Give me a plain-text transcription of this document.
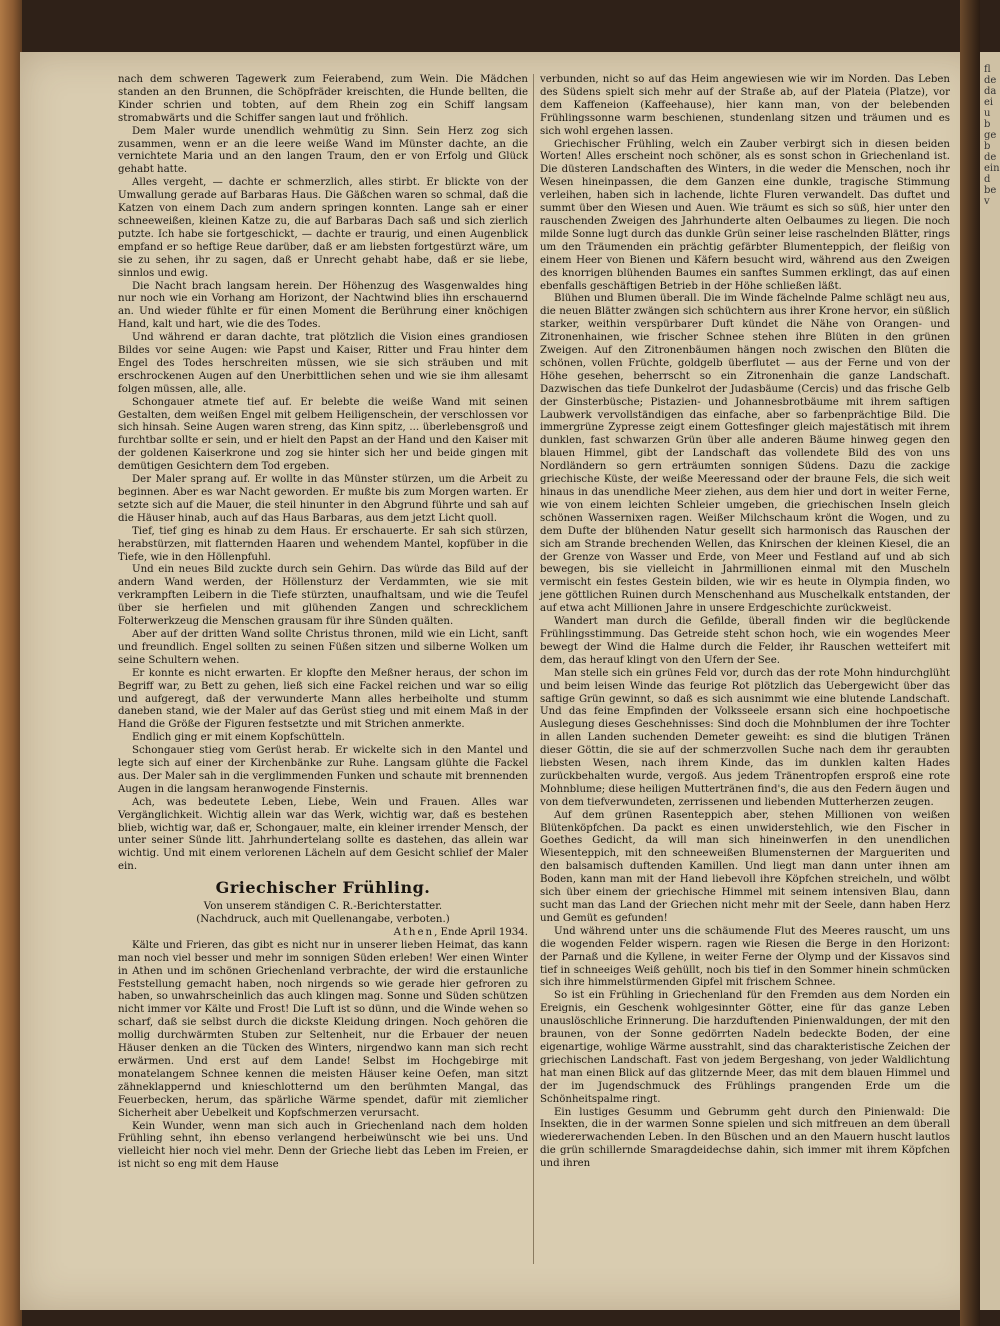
fl de da ei u b ge b de ein d be v

nach dem schweren Tagewerk zum Feierabend, zum Wein. Die Mädchen standen an den Brunnen, die Schöpfräder kreischten, die Hunde bellten, die Kinder schrien und tobten, auf dem Rhein zog ein Schiff langsam stromabwärts und die Schiffer sangen laut und fröhlich.

Dem Maler wurde unendlich wehmütig zu Sinn. Sein Herz zog sich zusammen, wenn er an die leere weiße Wand im Münster dachte, an die vernichtete Maria und an den langen Traum, den er von Erfolg und Glück gehabt hatte.

Alles vergeht, — dachte er schmerzlich, alles stirbt. Er blickte von der Umwallung gerade auf Barbaras Haus. Die Gäßchen waren so schmal, daß die Katzen von einem Dach zum andern springen konnten. Lange sah er einer schneeweißen, kleinen Katze zu, die auf Barbaras Dach saß und sich zierlich putzte. Ich habe sie fortgeschickt, — dachte er traurig, und einen Augenblick empfand er so heftige Reue darüber, daß er am liebsten fortgestürzt wäre, um sie zu sehen, ihr zu sagen, daß er Unrecht gehabt habe, daß er sie liebe, sinnlos und ewig.

Die Nacht brach langsam herein. Der Höhenzug des Wasgenwaldes hing nur noch wie ein Vorhang am Horizont, der Nachtwind blies ihn erschauernd an. Und wieder fühlte er für einen Moment die Berührung einer knöchigen Hand, kalt und hart, wie die des Todes.

Und während er daran dachte, trat plötzlich die Vision eines grandiosen Bildes vor seine Augen: wie Papst und Kaiser, Ritter und Frau hinter dem Engel des Todes herschreiten müssen, wie sie sich sträuben und mit erschrockenen Augen auf den Unerbittlichen sehen und wie sie ihm allesamt folgen müssen, alle, alle.

Schongauer atmete tief auf. Er belebte die weiße Wand mit seinen Gestalten, dem weißen Engel mit gelbem Heiligenschein, der verschlossen vor sich hinsah. Seine Augen waren streng, das Kinn spitz, ... überlebensgroß und furchtbar sollte er sein, und er hielt den Papst an der Hand und den Kaiser mit der goldenen Kaiserkrone und zog sie hinter sich her und beide gingen mit demütigen Gesichtern dem Tod ergeben.

Der Maler sprang auf. Er wollte in das Münster stürzen, um die Arbeit zu beginnen. Aber es war Nacht geworden. Er mußte bis zum Morgen warten. Er setzte sich auf die Mauer, die steil hinunter in den Abgrund führte und sah auf die Häuser hinab, auch auf das Haus Barbaras, aus dem jetzt Licht quoll.

Tief, tief ging es hinab zu dem Haus. Er erschauerte. Er sah sich stürzen, herabstürzen, mit flatternden Haaren und wehendem Mantel, kopfüber in die Tiefe, wie in den Höllenpfuhl.

Und ein neues Bild zuckte durch sein Gehirn. Das würde das Bild auf der andern Wand werden, der Höllensturz der Verdammten, wie sie mit verkrampften Leibern in die Tiefe stürzten, unaufhaltsam, und wie die Teufel über sie herfielen und mit glühenden Zangen und schrecklichem Folterwerkzeug die Menschen grausam für ihre Sünden quälten.

Aber auf der dritten Wand sollte Christus thronen, mild wie ein Licht, sanft und freundlich. Engel sollten zu seinen Füßen sitzen und silberne Wolken um seine Schultern wehen.

Er konnte es nicht erwarten. Er klopfte den Meßner heraus, der schon im Begriff war, zu Bett zu gehen, ließ sich eine Fackel reichen und war so eilig und aufgeregt, daß der verwunderte Mann alles herbeiholte und stumm daneben stand, wie der Maler auf das Gerüst stieg und mit einem Maß in der Hand die Größe der Figuren festsetzte und mit Strichen anmerkte.

Endlich ging er mit einem Kopfschütteln.

Schongauer stieg vom Gerüst herab. Er wickelte sich in den Mantel und legte sich auf einer der Kirchenbänke zur Ruhe. Langsam glühte die Fackel aus. Der Maler sah in die verglimmenden Funken und schaute mit brennenden Augen in die langsam heranwogende Finsternis.

Ach, was bedeutete Leben, Liebe, Wein und Frauen. Alles war Vergänglichkeit. Wichtig allein war das Werk, wichtig war, daß es bestehen blieb, wichtig war, daß er, Schongauer, malte, ein kleiner irrender Mensch, der unter seiner Sünde litt. Jahrhundertelang sollte es dastehen, das allein war wichtig. Und mit einem verlorenen Lächeln auf dem Gesicht schlief der Maler ein.

Griechischer Frühling.

Von unserem ständigen C. R.-Berichterstatter.

(Nachdruck, auch mit Quellenangabe, verboten.)

Athen, Ende April 1934.

Kälte und Frieren, das gibt es nicht nur in unserer lieben Heimat, das kann man noch viel besser und mehr im sonnigen Süden erleben! Wer einen Winter in Athen und im schönen Griechenland verbrachte, der wird die erstaunliche Feststellung gemacht haben, noch nirgends so wie gerade hier gefroren zu haben, so unwahrscheinlich das auch klingen mag. Sonne und Süden schützen nicht immer vor Kälte und Frost! Die Luft ist so dünn, und die Winde wehen so scharf, daß sie selbst durch die dickste Kleidung dringen. Noch gehören die mollig durchwärmten Stuben zur Seltenheit, nur die Erbauer der neuen Häuser denken an die Tücken des Winters, nirgendwo kann man sich recht erwärmen. Und erst auf dem Lande! Selbst im Hochgebirge mit monatelangem Schnee kennen die meisten Häuser keine Oefen, man sitzt zähneklappernd und knieschlotternd um den berühmten Mangal, das Feuerbecken, herum, das spärliche Wärme spendet, dafür mit ziemlicher Sicherheit aber Uebelkeit und Kopfschmerzen verursacht.

Kein Wunder, wenn man sich auch in Griechenland nach dem holden Frühling sehnt, ihn ebenso verlangend herbeiwünscht wie bei uns. Und vielleicht hier noch viel mehr. Denn der Grieche liebt das Leben im Freien, er ist nicht so eng mit dem Hause

verbunden, nicht so auf das Heim angewiesen wie wir im Norden. Das Leben des Südens spielt sich mehr auf der Straße ab, auf der Plateia (Platze), vor dem Kaffeneion (Kaffeehause), hier kann man, von der belebenden Frühlingssonne warm beschienen, stundenlang sitzen und träumen und es sich wohl ergehen lassen.

Griechischer Frühling, welch ein Zauber verbirgt sich in diesen beiden Worten! Alles erscheint noch schöner, als es sonst schon in Griechenland ist. Die düsteren Landschaften des Winters, in die weder die Menschen, noch ihr Wesen hineinpassen, die dem Ganzen eine dunkle, tragische Stimmung verleihen, haben sich in lachende, lichte Fluren verwandelt. Das duftet und summt über den Wiesen und Auen. Wie träumt es sich so süß, hier unter den rauschenden Zweigen des Jahrhunderte alten Oelbaumes zu liegen. Die noch milde Sonne lugt durch das dunkle Grün seiner leise raschelnden Blätter, rings um den Träumenden ein prächtig gefärbter Blumenteppich, der fleißig von einem Heer von Bienen und Käfern besucht wird, während aus den Zweigen des knorrigen blühenden Baumes ein sanftes Summen erklingt, das auf einen ebenfalls geschäftigen Betrieb in der Höhe schließen läßt.

Blühen und Blumen überall. Die im Winde fächelnde Palme schlägt neu aus, die neuen Blätter zwängen sich schüchtern aus ihrer Krone hervor, ein süßlich starker, weithin verspürbarer Duft kündet die Nähe von Orangen- und Zitronenhainen, wie frischer Schnee stehen ihre Blüten in den grünen Zweigen. Auf den Zitronenbäumen hängen noch zwischen den Blüten die schönen, vollen Früchte, goldgelb überflutet — aus der Ferne und von der Höhe gesehen, beherrscht so ein Zitronenhain die ganze Landschaft. Dazwischen das tiefe Dunkelrot der Judasbäume (Cercis) und das frische Gelb der Ginsterbüsche; Pistazien- und Johannesbrotbäume mit ihrem saftigen Laubwerk vervollständigen das einfache, aber so farbenprächtige Bild. Die immergrüne Zypresse zeigt einem Gottesfinger gleich majestätisch mit ihrem dunklen, fast schwarzen Grün über alle anderen Bäume hinweg gegen den blauen Himmel, gibt der Landschaft das vollendete Bild des von uns Nordländern so gern erträumten sonnigen Südens. Dazu die zackige griechische Küste, der weiße Meeressand oder der braune Fels, die sich weit hinaus in das unendliche Meer ziehen, aus dem hier und dort in weiter Ferne, wie von einem leichten Schleier umgeben, die griechischen Inseln gleich schönen Wassernixen ragen. Weißer Milchschaum krönt die Wogen, und zu dem Dufte der blühenden Natur gesellt sich harmonisch das Rauschen der sich am Strande brechenden Wellen, das Knirschen der kleinen Kiesel, die an der Grenze von Wasser und Erde, von Meer und Festland auf und ab sich bewegen, bis sie vielleicht in Jahrmillionen einmal mit den Muscheln vermischt ein festes Gestein bilden, wie wir es heute in Olympia finden, wo jene göttlichen Ruinen durch Menschenhand aus Muschelkalk entstanden, der auf etwa acht Millionen Jahre in unsere Erdgeschichte zurückweist.

Wandert man durch die Gefilde, überall finden wir die beglückende Frühlingsstimmung. Das Getreide steht schon hoch, wie ein wogendes Meer bewegt der Wind die Halme durch die Felder, ihr Rauschen wetteifert mit dem, das herauf klingt von den Ufern der See.

Man stelle sich ein grünes Feld vor, durch das der rote Mohn hindurchglüht und beim leisen Winde das feurige Rot plötzlich das Uebergewicht über das saftige Grün gewinnt, so daß es sich ausnimmt wie eine blutende Landschaft. Und das feine Empfinden der Volksseele ersann sich eine hochpoetische Auslegung dieses Geschehnisses: Sind doch die Mohnblumen der ihre Tochter in allen Landen suchenden Demeter geweiht: es sind die blutigen Tränen dieser Göttin, die sie auf der schmerzvollen Suche nach dem ihr geraubten liebsten Wesen, nach ihrem Kinde, das im dunklen kalten Hades zurückbehalten wurde, vergoß. Aus jedem Tränentropfen ersproß eine rote Mohnblume; diese heiligen Muttertränen find's, die aus den Federn äugen und von dem tiefverwundeten, zerrissenen und liebenden Mutterherzen zeugen.

Auf dem grünen Rasenteppich aber, stehen Millionen von weißen Blütenköpfchen. Da packt es einen unwiderstehlich, wie den Fischer in Goethes Gedicht, da will man sich hineinwerfen in den unendlichen Wiesenteppich, mit den schneeweißen Blumensternen der Margueriten und den balsamisch duftenden Kamillen. Und liegt man dann unter ihnen am Boden, kann man mit der Hand liebevoll ihre Köpfchen streicheln, und wölbt sich über einem der griechische Himmel mit seinem intensiven Blau, dann sucht man das Land der Griechen nicht mehr mit der Seele, dann haben Herz und Gemüt es gefunden!

Und während unter uns die schäumende Flut des Meeres rauscht, um uns die wogenden Felder wispern. ragen wie Riesen die Berge in den Horizont: der Parnaß und die Kyllene, in weiter Ferne der Olymp und der Kissavos sind tief in schneeiges Weiß gehüllt, noch bis tief in den Sommer hinein schmücken sich ihre himmelstürmenden Gipfel mit frischem Schnee.

So ist ein Frühling in Griechenland für den Fremden aus dem Norden ein Ereignis, ein Geschenk wohlgesinnter Götter, eine für das ganze Leben unauslöschliche Erinnerung. Die harzduftenden Pinienwaldungen, der mit den braunen, von der Sonne gedörrten Nadeln bedeckte Boden, der eine eigenartige, wohlige Wärme ausstrahlt, sind das charakteristische Zeichen der griechischen Landschaft. Fast von jedem Bergeshang, von jeder Waldlichtung hat man einen Blick auf das glitzernde Meer, das mit dem blauen Himmel und der im Jugendschmuck des Frühlings prangenden Erde um die Schönheitspalme ringt.

Ein lustiges Gesumm und Gebrumm geht durch den Pinienwald: Die Insekten, die in der warmen Sonne spielen und sich mitfreuen an dem überall wiedererwachenden Leben. In den Büschen und an den Mauern huscht lautlos die grün schillernde Smaragdeidechse dahin, sich immer mit ihrem Köpfchen und ihren
